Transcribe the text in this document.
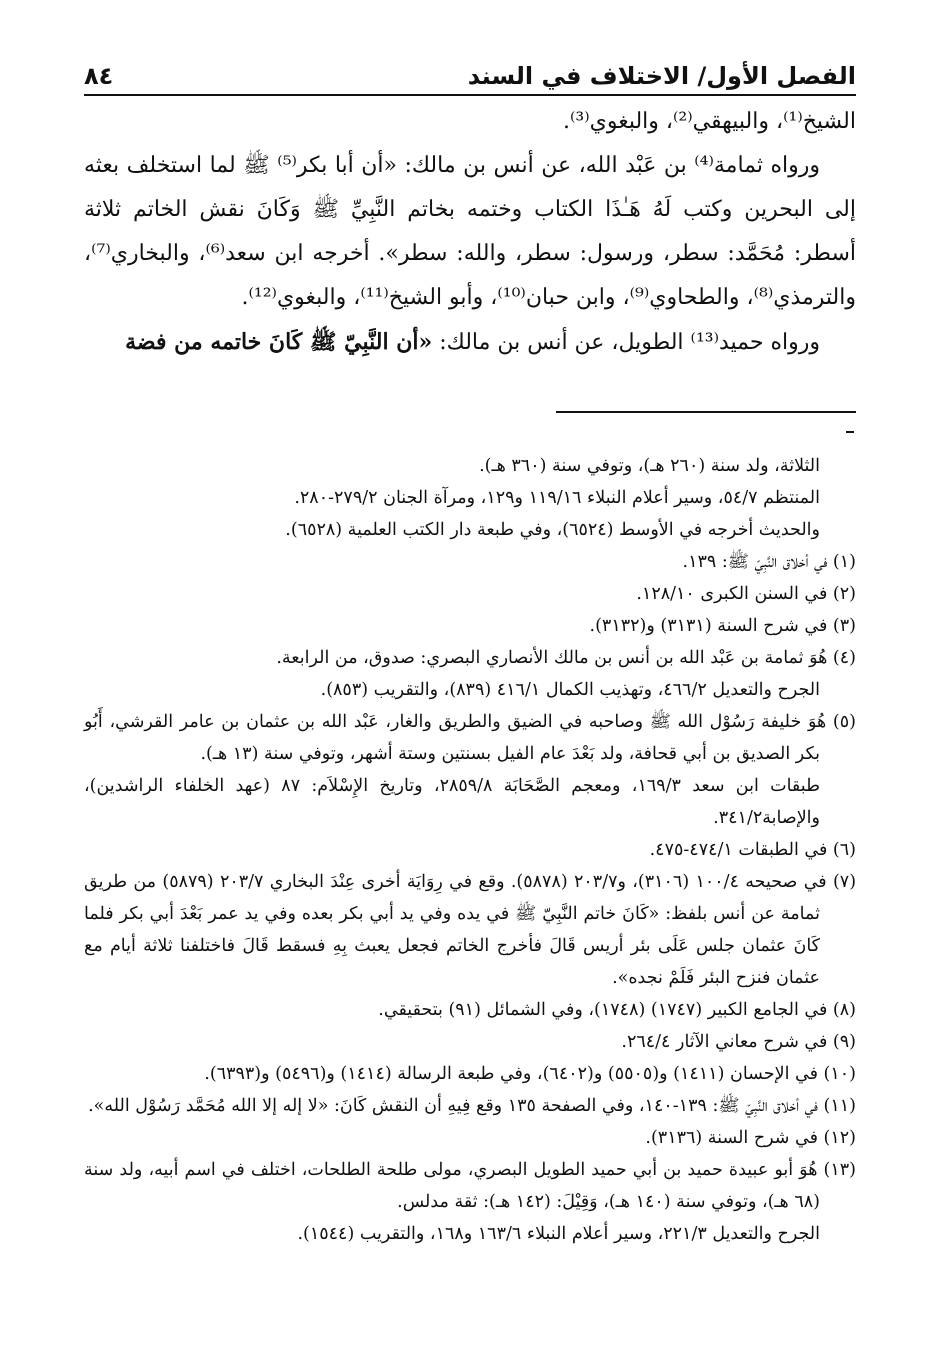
الفصل الأول/ الاختلاف في السند
٨٤

الشيخ⁽¹⁾، والبيهقي⁽²⁾، والبغوي⁽³⁾.

ورواه ثمامة⁽⁴⁾ بن عَبْد الله، عن أنس بن مالك: «أن أبا بكر⁽⁵⁾ ﷺ لما استخلف بعثه إلى البحرين وكتب لَهُ هَـٰذَا الكتاب وختمه بخاتم النَّبِيِّ ﷺ وَكَانَ نقش الخاتم ثلاثة أسطر: مُحَمَّد: سطر، ورسول: سطر، والله: سطر». أخرجه ابن سعد⁽⁶⁾، والبخاري⁽⁷⁾، والترمذي⁽⁸⁾، والطحاوي⁽⁹⁾، وابن حبان⁽¹⁰⁾، وأبو الشيخ⁽¹¹⁾، والبغوي⁽¹²⁾.

ورواه حميد⁽¹³⁾ الطويل، عن أنس بن مالك: «أن النَّبِيّ ﷺ كَانَ خاتمه من فضة

الثلاثة، ولد سنة (٢٦٠ هـ)، وتوفي سنة (٣٦٠ هـ).

المنتظم ٥٤/٧، وسير أعلام النبلاء ١١٩/١٦ و١٢٩، ومرآة الجنان ٢٧٩/٢-٢٨٠.

والحديث أخرجه في الأوسط (٦٥٢٤)، وفي طبعة دار الكتب العلمية (٦٥٢٨).

(١) في أخلاق النَّبِيّ ﷺ: ١٣٩.

(٢) في السنن الكبرى ١٢٨/١٠.

(٣) في شرح السنة (٣١٣١) و(٣١٣٢).

(٤) هُوَ ثمامة بن عَبْد الله بن أنس بن مالك الأنصاري البصري: صدوق، من الرابعة.

الجرح والتعديل ٤٦٦/٢، وتهذيب الكمال ٤١٦/١ (٨٣٩)، والتقريب (٨٥٣).

(٥) هُوَ خليفة رَسُوْل الله ﷺ وصاحبه في الضيق والطريق والغار، عَبْد الله بن عثمان بن عامر القرشي، أَبُو بكر الصديق بن أبي قحافة، ولد بَعْدَ عام الفيل بسنتين وستة أشهر، وتوفي سنة (١٣ هـ).

طبقات ابن سعد ١٦٩/٣، ومعجم الصَّحَابَة ٢٨٥٩/٨، وتاريخ الإِسْلاَم: ٨٧ (عهد الخلفاء الراشدين)، والإصابة٣٤١/٢.

(٦) في الطبقات ٤٧٤/١-٤٧٥.

(٧) في صحيحه ١٠٠/٤ (٣١٠٦)، و٢٠٣/٧ (٥٨٧٨). وقع في رِوَايَة أخرى عِنْدَ البخاري ٢٠٣/٧ (٥٨٧٩) من طريق ثمامة عن أنس بلفظ: «كَانَ خاتم النَّبِيّ ﷺ في يده وفي يد أبي بكر بعده وفي يد عمر بَعْدَ أبي بكر فلما كَانَ عثمان جلس عَلَى بئر أريس قَالَ فأخرج الخاتم فجعل يعبث بِهِ فسقط قَالَ فاختلفنا ثلاثة أيام مع عثمان فنزح البئر فَلَمْ نجده».

(٨) في الجامع الكبير (١٧٤٧) (١٧٤٨)، وفي الشمائل (٩١) بتحقيقي.

(٩) في شرح معاني الآثار ٢٦٤/٤.

(١٠) في الإحسان (١٤١١) و(٥٥٠٥) و(٦٤٠٢)، وفي طبعة الرسالة (١٤١٤) و(٥٤٩٦) و(٦٣٩٣).

(١١) في أخلاق النَّبِيّ ﷺ: ١٣٩-١٤٠، وفي الصفحة ١٣٥ وقع فِيهِ أن النقش كَانَ: «لا إله إلا الله مُحَمَّد رَسُوْل الله».

(١٢) في شرح السنة (٣١٣٦).

(١٣) هُوَ أبو عبيدة حميد بن أبي حميد الطويل البصري، مولى طلحة الطلحات، اختلف في اسم أبيه، ولد سنة (٦٨ هـ)، وتوفي سنة (١٤٠ هـ)، وَقِيْلَ: (١٤٢ هـ): ثقة مدلس.

الجرح والتعديل ٢٢١/٣، وسير أعلام النبلاء ١٦٣/٦ و١٦٨، والتقريب (١٥٤٤).
